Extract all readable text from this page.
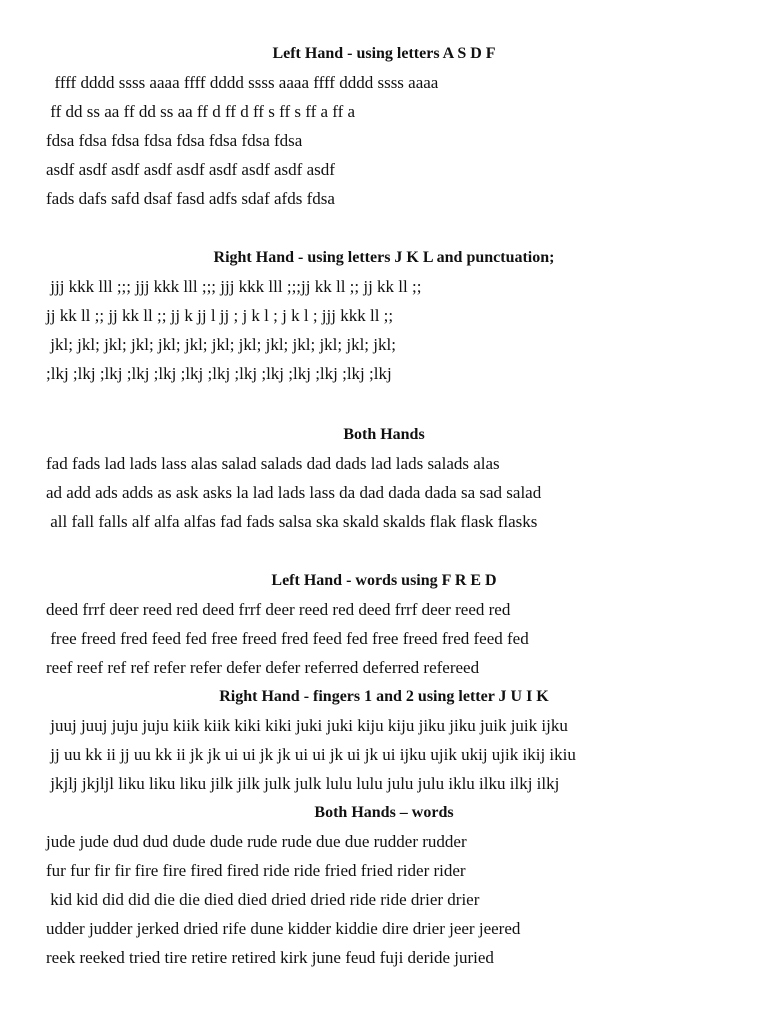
Left Hand - using letters A S D F
ffff dddd ssss aaaa ffff dddd ssss aaaa ffff dddd ssss aaaa
ff dd ss aa ff dd ss aa ff d ff d ff s ff s ff a ff a
fdsa fdsa fdsa fdsa fdsa fdsa fdsa fdsa
asdf asdf asdf asdf asdf asdf asdf asdf asdf
fads dafs safd dsaf fasd adfs sdaf afds fdsa
Right Hand - using letters J K L and punctuation;
jjj kkk lll ;;; jjj kkk lll ;;; jjj kkk lll ;;;jj kk ll ;; jj kk ll ;;
jj kk ll ;; jj kk ll ;; jj k jj l jj ; j k l ; j k l ; jjj kkk ll ;;
jkl; jkl; jkl; jkl; jkl; jkl; jkl; jkl; jkl; jkl; jkl; jkl; jkl;
;lkj ;lkj ;lkj ;lkj ;lkj ;lkj ;lkj ;lkj ;lkj ;lkj ;lkj ;lkj ;lkj
Both Hands
fad fads lad lads lass alas salad salads dad dads lad lads salads alas
ad add ads adds as ask asks la lad lads lass da dad dada dada sa sad salad
all fall falls alf alfa alfas fad fads salsa ska skald skalds flak flask flasks
Left Hand - words using F R E D
deed frrf deer reed red deed frrf deer reed red deed frrf deer reed red
free freed fred feed fed free freed fred feed fed free freed fred feed fed
reef reef ref ref refer refer defer defer referred deferred refereed
Right Hand - fingers 1 and 2 using letter J U I K
juuj juuj juju juju kiik kiik kiki kiki juki juki kiju kiju jiku jiku juik juik ijku
jj uu kk ii jj uu kk ii jk jk ui ui jk jk ui ui jk ui jk ui ijku ujik ukij ujik ikij ikiu
jkjlj jkjljl liku liku liku jilk jilk julk julk lulu lulu julu julu iklu ilku ilkj ilkj
Both Hands – words
jude jude dud dud dude dude rude rude due due rudder rudder
fur fur fir fir fire fire fired fired ride ride fried fried rider rider
kid kid did did die die died died dried dried ride ride drier drier
udder judder jerked dried rife dune kidder kiddie dire drier jeer jeered
reek reeked tried tire retire retired kirk june feud fuji deride juried
